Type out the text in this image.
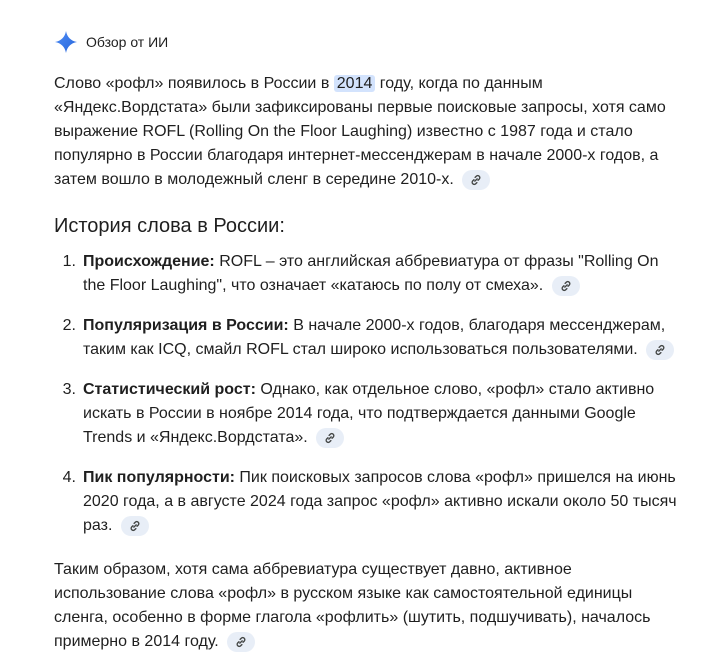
Обзор от ИИ
Слово «рофл» появилось в России в 2014 году, когда по данным «Яндекс.Вордстата» были зафиксированы первые поисковые запросы, хотя само выражение ROFL (Rolling On the Floor Laughing) известно с 1987 года и стало популярно в России благодаря интернет-мессенджерам в начале 2000-х годов, а затем вошло в молодежный сленг в середине 2010-х.
История слова в России:
1. Происхождение: ROFL – это английская аббревиатура от фразы "Rolling On the Floor Laughing", что означает «катаюсь по полу от смеха».
2. Популяризация в России: В начале 2000-х годов, благодаря мессенджерам, таким как ICQ, смайл ROFL стал широко использоваться пользователями.
3. Статистический рост: Однако, как отдельное слово, «рофл» стало активно искать в России в ноябре 2014 года, что подтверждается данными Google Trends и «Яндекс.Вордстата».
4. Пик популярности: Пик поисковых запросов слова «рофл» пришелся на июнь 2020 года, а в августе 2024 года запрос «рофл» активно искали около 50 тысяч раз.
Таким образом, хотя сама аббревиатура существует давно, активное использование слова «рофл» в русском языке как самостоятельной единицы сленга, особенно в форме глагола «рофлить» (шутить, подшучивать), началось примерно в 2014 году.
